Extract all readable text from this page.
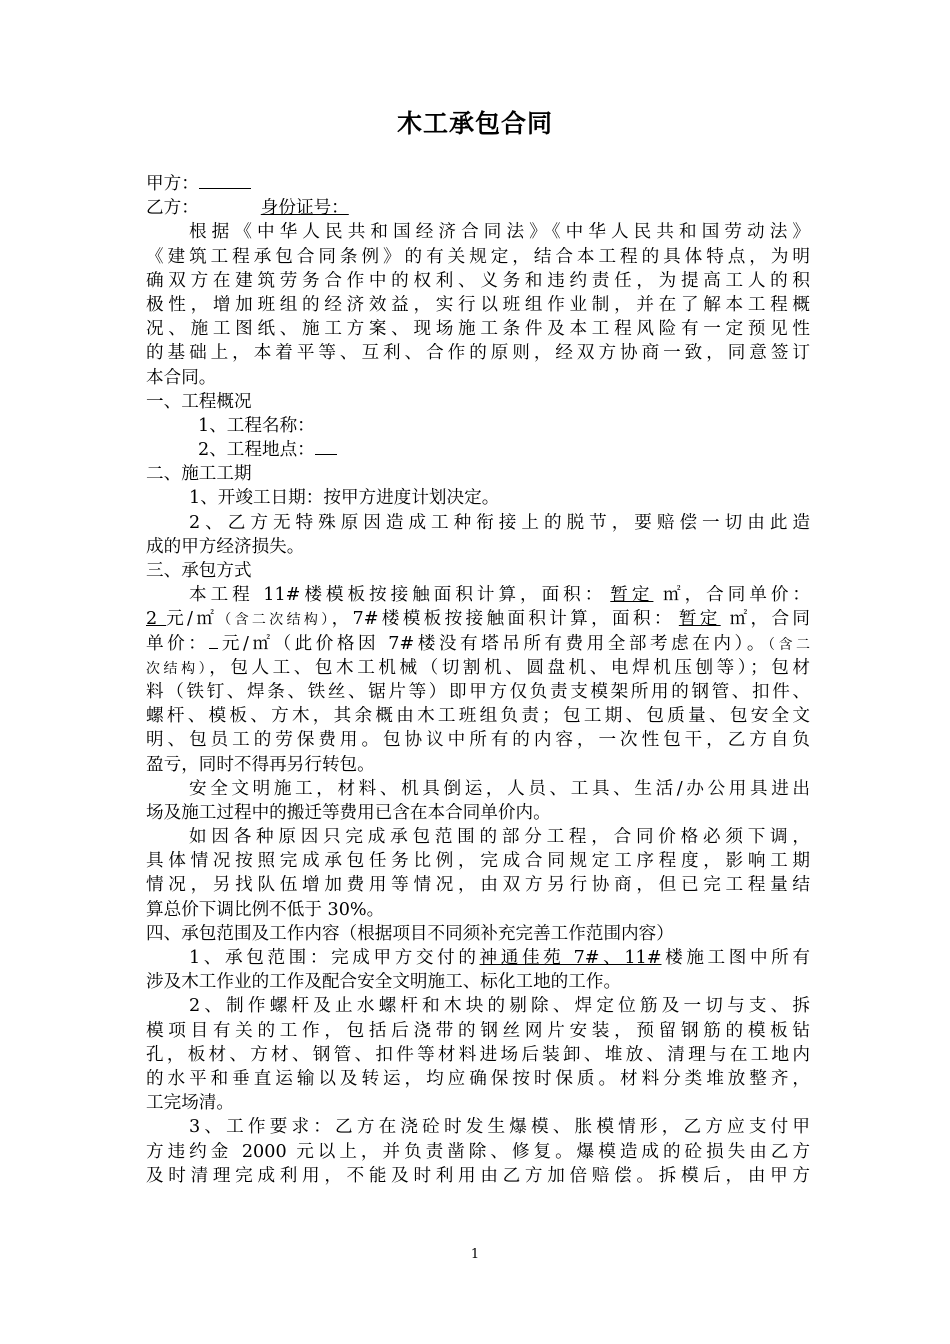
木工承包合同
甲方：
乙方：	身份证号：
根据《中华人民共和国经济合同法》《中华人民共和国劳动法》
《建筑工程承包合同条例》的有关规定，结合本工程的具体特点，为明
确双方在建筑劳务合作中的权利、义务和违约责任，为提高工人的积
极性，增加班组的经济效益，实行以班组作业制，并在了解本工程概
况、施工图纸、施工方案、现场施工条件及本工程风险有一定预见性
的基础上，本着平等、互利、合作的原则，经双方协商一致，同意签订
本合同。
一、工程概况
1、工程名称：
2、工程地点：
二、施工工期
1、开竣工日期：按甲方进度计划决定。
2、乙方无特殊原因造成工种衔接上的脱节，要赔偿一切由此造
成的甲方经济损失。
三、承包方式
本工程 11#楼模板按接触面积计算，面积： 暂定 ㎡，合同单价：
2 元/㎡（含二次结构），7#楼模板按接触面积计算，面积： 暂定 ㎡，合同
单价： 元/㎡（此价格因 7#楼没有塔吊所有费用全部考虑在内）。（含二
次结构），包人工、包木工机械（切割机、圆盘机、电焊机压刨等）；包材
料（铁钉、焊条、铁丝、锯片等）即甲方仅负责支模架所用的钢管、扣件、
螺杆、模板、方木，其余概由木工班组负责；包工期、包质量、包安全文
明、包员工的劳保费用。包协议中所有的内容，一次性包干，乙方自负
盈亏，同时不得再另行转包。
安全文明施工，材料、机具倒运，人员、工具、生活/办公用具进出
场及施工过程中的搬迁等费用已含在本合同单价内。
如因各种原因只完成承包范围的部分工程，合同价格必须下调，
具体情况按照完成承包任务比例，完成合同规定工序程度，影响工期
情况，另找队伍增加费用等情况，由双方另行协商，但已完工程量结
算总价下调比例不低于 30%。
四、承包范围及工作内容（根据项目不同须补充完善工作范围内容）
1、承包范围：完成甲方交付的神通佳苑 7#、11#楼施工图中所有
涉及木工作业的工作及配合安全文明施工、标化工地的工作。
2、制作螺杆及止水螺杆和木块的剔除、焊定位筋及一切与支、拆
模项目有关的工作，包括后浇带的钢丝网片安装，预留钢筋的模板钻
孔，板材、方材、钢管、扣件等材料进场后装卸、堆放、清理与在工地内
的水平和垂直运输以及转运，均应确保按时保质。材料分类堆放整齐，
工完场清。
3、工作要求：乙方在浇砼时发生爆模、胀模情形，乙方应支付甲
方违约金 2000 元以上，并负责凿除、修复。爆模造成的砼损失由乙方
及时清理完成利用，不能及时利用由乙方加倍赔偿。拆模后，由甲方
1
